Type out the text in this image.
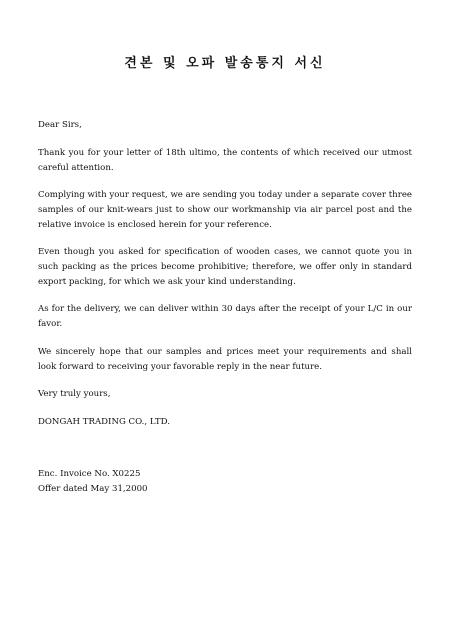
견본 및 오파 발송통지 서신

Dear Sirs,

Thank you for your letter of 18th ultimo, the contents of which received our utmost careful attention.

Complying with your request, we are sending you today under a separate cover three samples of our knit-wears just to show our workmanship via air parcel post and the relative invoice is enclosed herein for your reference.

Even though you asked for specification of wooden cases, we cannot quote you in such packing as the prices become prohibitive; therefore, we offer only in standard export packing, for which we ask your kind understanding.

As for the delivery, we can deliver within 30 days after the receipt of your L/C in our favor.

We sincerely hope that our samples and prices meet your requirements and shall look forward to receiving your favorable reply in the near future.

Very truly yours,

DONGAH TRADING CO., LTD.

Enc. Invoice No. X0225

Offer dated May 31,2000
